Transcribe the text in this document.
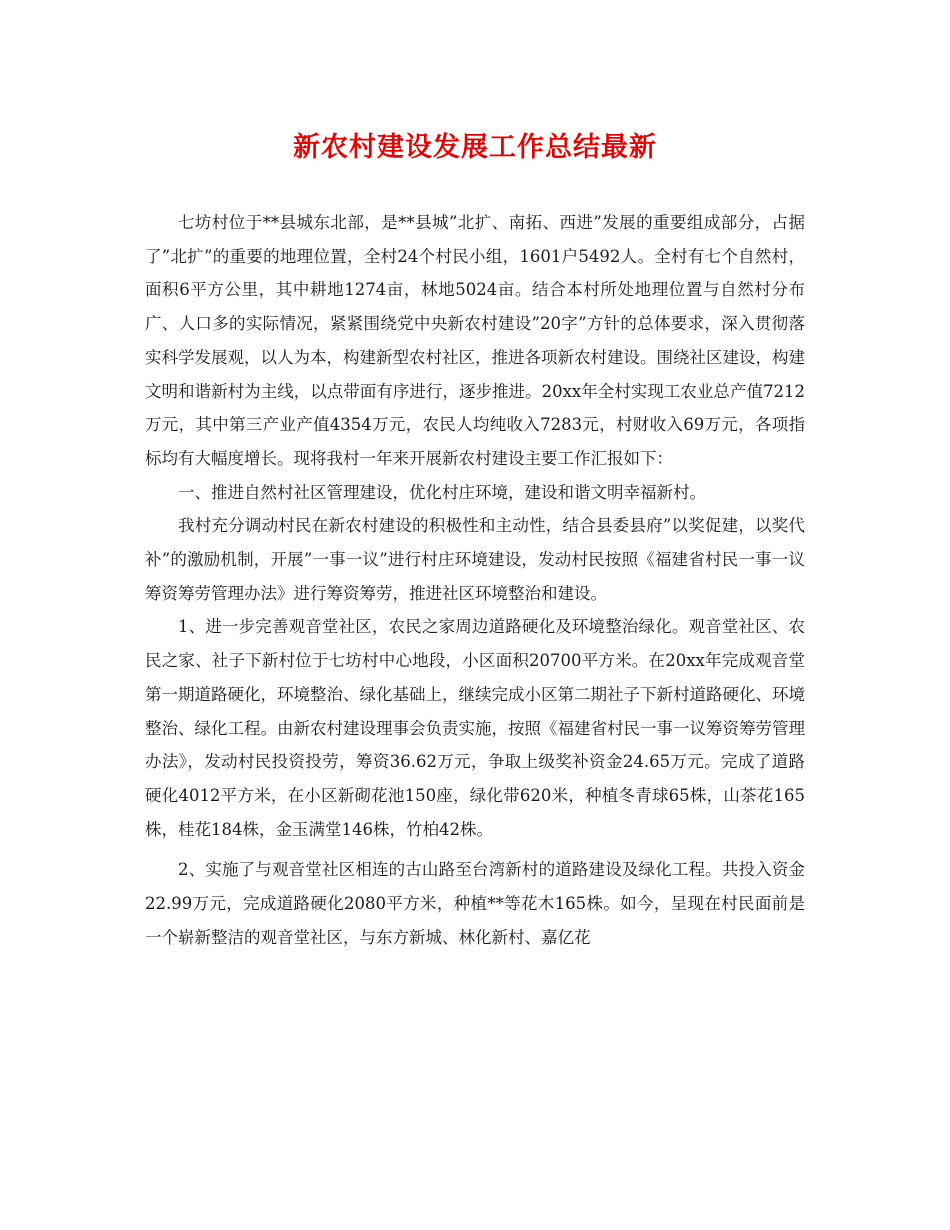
新农村建设发展工作总结最新

七坊村位于**县城东北部，是**县城”北扩、南拓、西进”发展的重要组成部分，占据了”北扩”的重要的地理位置，全村24个村民小组，1601户5492人。全村有七个自然村，面积6平方公里，其中耕地1274亩，林地5024亩。结合本村所处地理位置与自然村分布广、人口多的实际情况，紧紧围绕党中央新农村建设”20字”方针的总体要求，深入贯彻落实科学发展观，以人为本，构建新型农村社区，推进各项新农村建设。围绕社区建设，构建文明和谐新村为主线，以点带面有序进行，逐步推进。20xx年全村实现工农业总产值7212万元，其中第三产业产值4354万元，农民人均纯收入7283元，村财收入69万元，各项指标均有大幅度增长。现将我村一年来开展新农村建设主要工作汇报如下：

一、推进自然村社区管理建设，优化村庄环境，建设和谐文明幸福新村。

我村充分调动村民在新农村建设的积极性和主动性，结合县委县府”以奖促建，以奖代补”的激励机制，开展”一事一议”进行村庄环境建设，发动村民按照《福建省村民一事一议筹资筹劳管理办法》进行筹资筹劳，推进社区环境整治和建设。

1、进一步完善观音堂社区，农民之家周边道路硬化及环境整治绿化。观音堂社区、农民之家、社子下新村位于七坊村中心地段，小区面积20700平方米。在20xx年完成观音堂第一期道路硬化，环境整治、绿化基础上，继续完成小区第二期社子下新村道路硬化、环境整治、绿化工程。由新农村建设理事会负责实施，按照《福建省村民一事一议筹资筹劳管理办法》，发动村民投资投劳，筹资36.62万元，争取上级奖补资金24.65万元。完成了道路硬化4012平方米，在小区新砌花池150座，绿化带620米，种植冬青球65株，山茶花165株，桂花184株，金玉满堂146株，竹柏42株。

2、实施了与观音堂社区相连的古山路至台湾新村的道路建设及绿化工程。共投入资金22.99万元，完成道路硬化2080平方米，种植**等花木165株。如今，呈现在村民面前是一个崭新整洁的观音堂社区，与东方新城、林化新村、嘉亿花
